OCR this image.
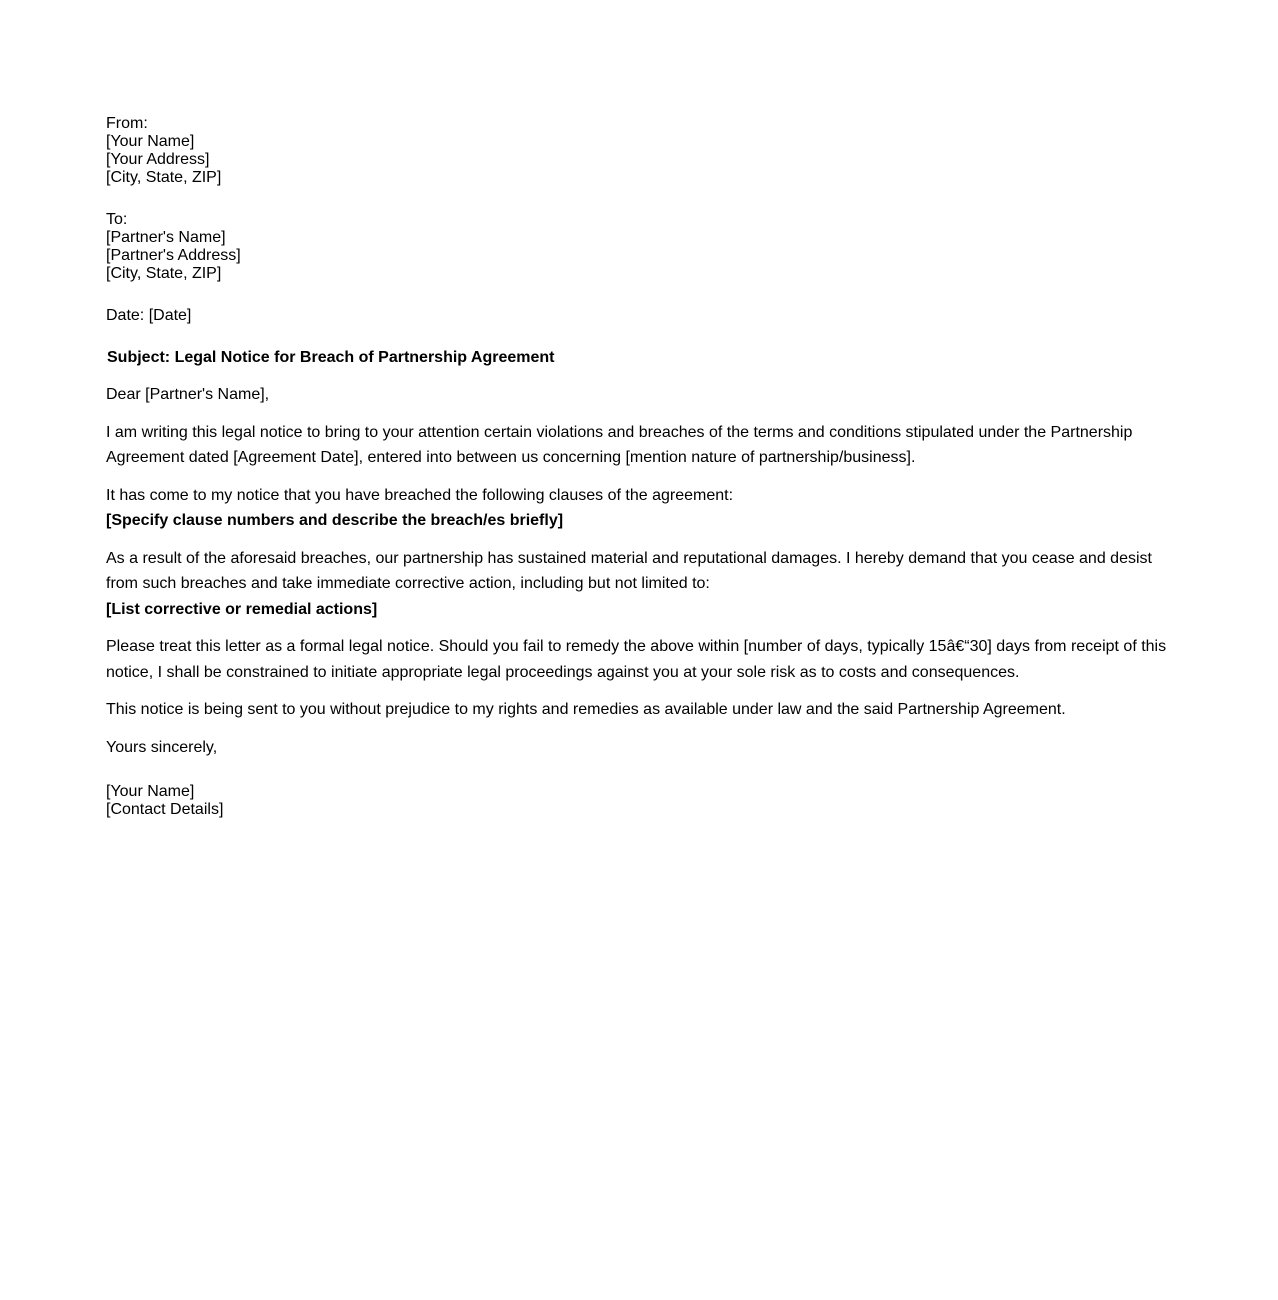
From:
[Your Name]
[Your Address]
[City, State, ZIP]
To:
[Partner's Name]
[Partner's Address]
[City, State, ZIP]
Date: [Date]
Subject: Legal Notice for Breach of Partnership Agreement

Dear [Partner's Name],

I am writing this legal notice to bring to your attention certain violations and breaches of the terms and conditions stipulated under the Partnership Agreement dated [Agreement Date], entered into between us concerning [mention nature of partnership/business].

It has come to my notice that you have breached the following clauses of the agreement:
[Specify clause numbers and describe the breach/es briefly]

As a result of the aforesaid breaches, our partnership has sustained material and reputational damages. I hereby demand that you cease and desist from such breaches and take immediate corrective action, including but not limited to:
[List corrective or remedial actions]

Please treat this letter as a formal legal notice. Should you fail to remedy the above within [number of days, typically 15â€“30] days from receipt of this notice, I shall be constrained to initiate appropriate legal proceedings against you at your sole risk as to costs and consequences.

This notice is being sent to you without prejudice to my rights and remedies as available under law and the said Partnership Agreement.

Yours sincerely,

[Your Name]
[Contact Details]
